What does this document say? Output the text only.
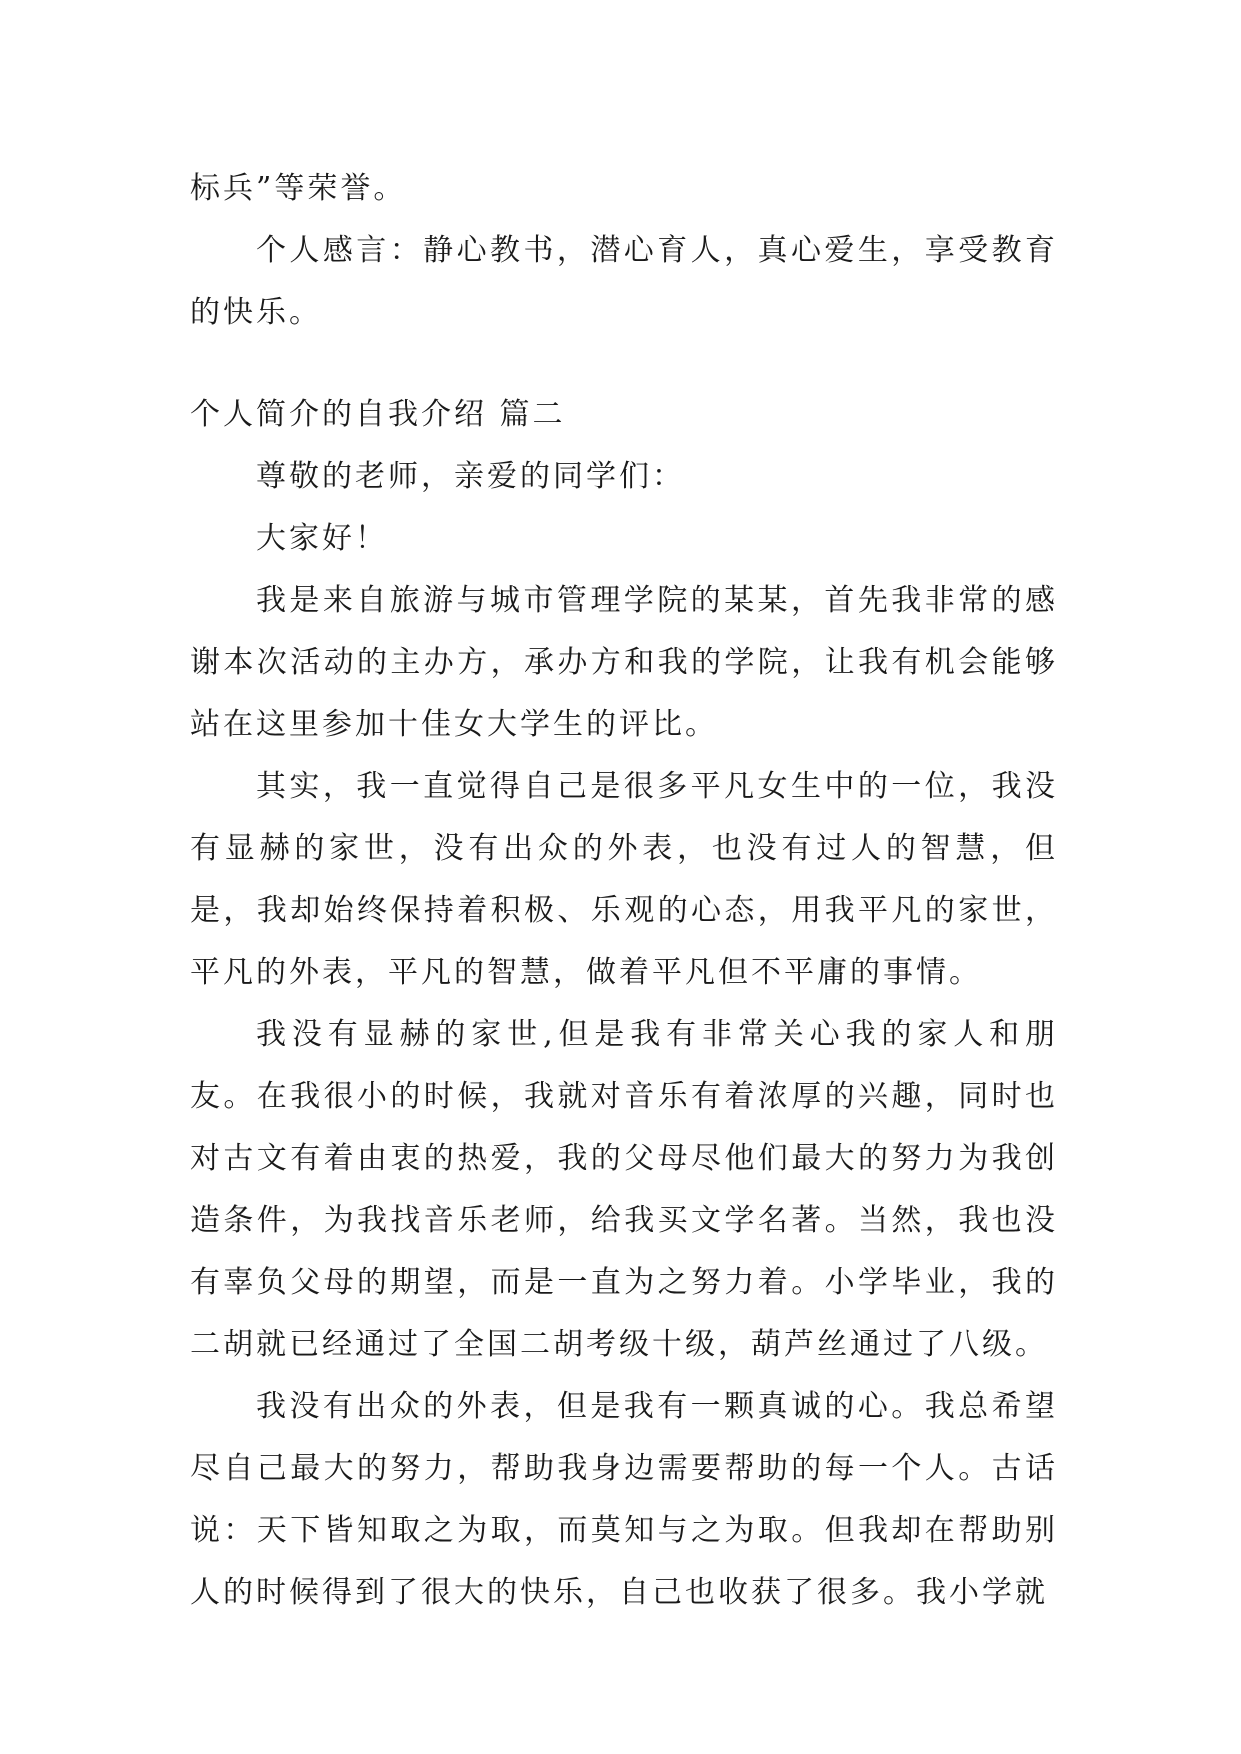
标兵”等荣誉。

个人感言：静心教书，潜心育人，真心爱生，享受教育的快乐。

个人简介的自我介绍 篇二

尊敬的老师，亲爱的同学们：

大家好！

我是来自旅游与城市管理学院的某某，首先我非常的感谢本次活动的主办方，承办方和我的学院，让我有机会能够站在这里参加十佳女大学生的评比。

其实，我一直觉得自己是很多平凡女生中的一位，我没有显赫的家世，没有出众的外表，也没有过人的智慧，但是，我却始终保持着积极、乐观的心态，用我平凡的家世，平凡的外表，平凡的智慧，做着平凡但不平庸的事情。

我没有显赫的家世,但是我有非常关心我的家人和朋友。在我很小的时候，我就对音乐有着浓厚的兴趣，同时也对古文有着由衷的热爱，我的父母尽他们最大的努力为我创造条件，为我找音乐老师，给我买文学名著。当然，我也没有辜负父母的期望，而是一直为之努力着。小学毕业，我的二胡就已经通过了全国二胡考级十级，葫芦丝通过了八级。

我没有出众的外表，但是我有一颗真诚的心。我总希望尽自己最大的努力，帮助我身边需要帮助的每一个人。古话说：天下皆知取之为取，而莫知与之为取。但我却在帮助别人的时候得到了很大的快乐，自己也收获了很多。我小学就
